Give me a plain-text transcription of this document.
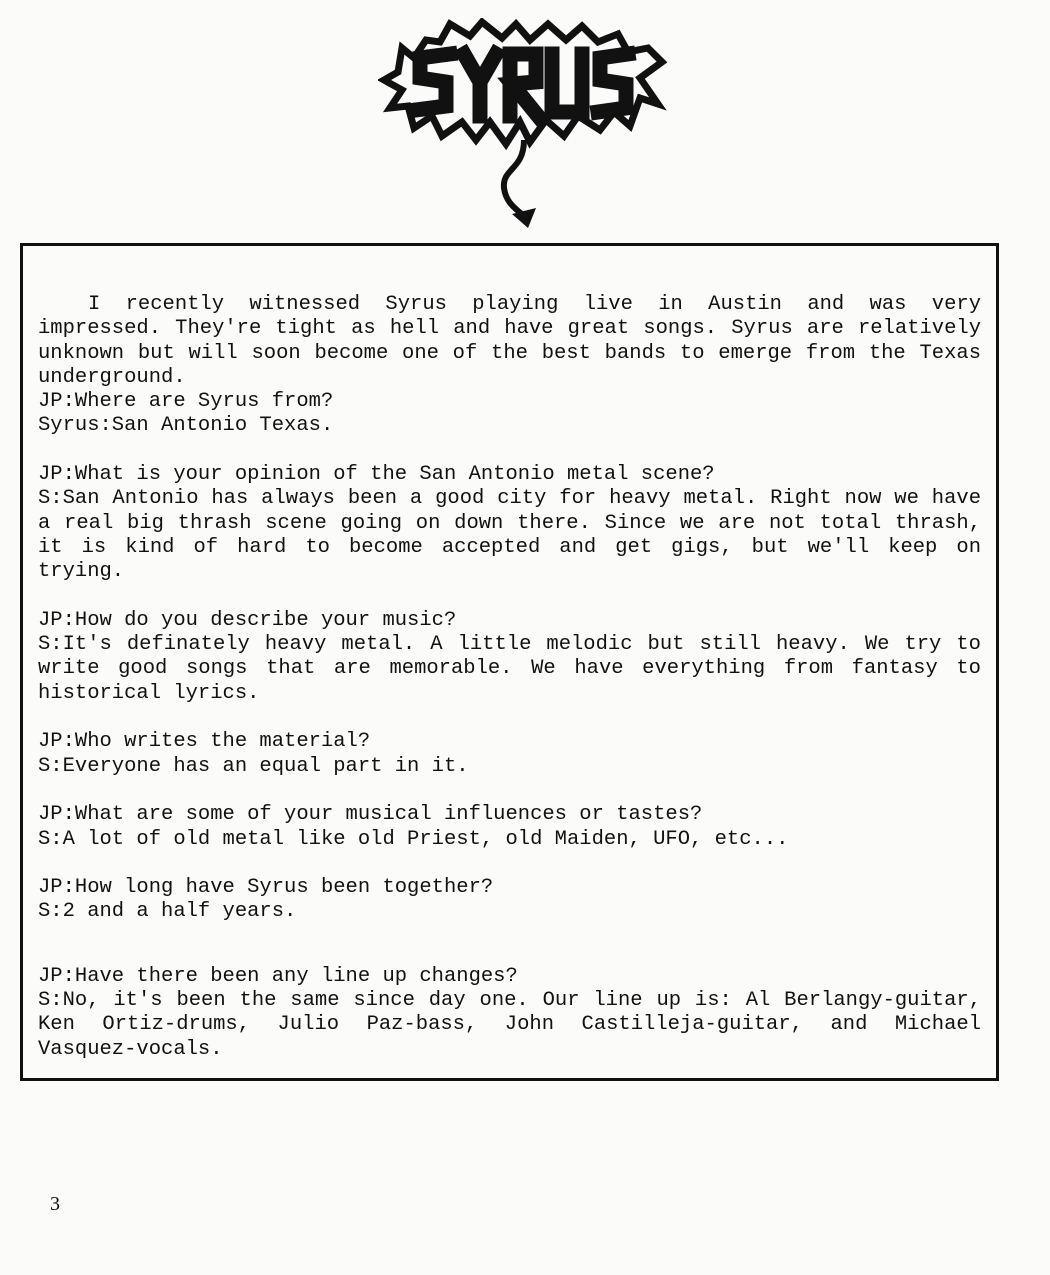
I recently witnessed Syrus playing live in Austin and was very impressed. They're tight as hell and have great songs. Syrus are relatively unknown but will soon become one of the best bands to emerge from the Texas underground.

JP:Where are Syrus from?

Syrus:San Antonio Texas.

JP:What is your opinion of the San Antonio metal scene?

S:San Antonio has always been a good city for heavy metal. Right now we have a real big thrash scene going on down there. Since we are not total thrash, it is kind of hard to become accepted and get gigs, but we'll keep on trying.

JP:How do you describe your music?

S:It's definately heavy metal. A little melodic but still heavy. We try to write good songs that are memorable. We have everything from fantasy to historical lyrics.

JP:Who writes the material?

S:Everyone has an equal part in it.

JP:What are some of your musical influences or tastes?

S:A lot of old metal like old Priest, old Maiden, UFO, etc...

JP:How long have Syrus been together?

S:2 and a half years.

JP:Have there been any line up changes?

S:No, it's been the same since day one. Our line up is: Al Berlangy-guitar, Ken Ortiz-drums, Julio Paz-bass, John Castilleja-guitar, and Michael Vasquez-vocals.

3
